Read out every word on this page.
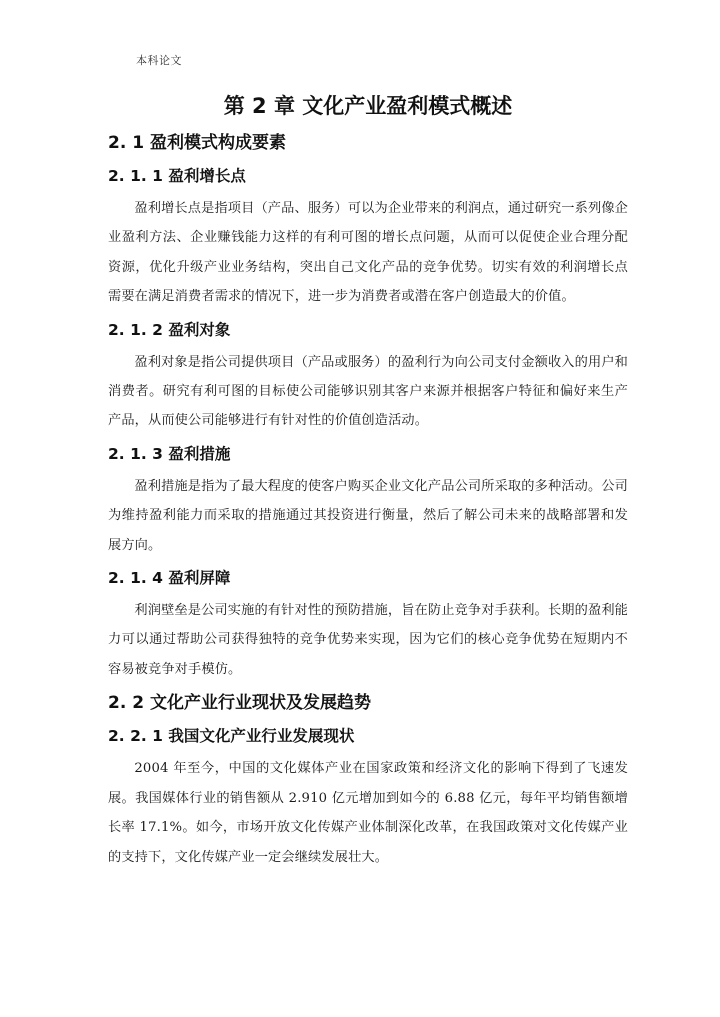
本科论文
第 2 章 文化产业盈利模式概述
2. 1 盈利模式构成要素
2. 1. 1 盈利增长点

盈利增长点是指项目（产品、服务）可以为企业带来的利润点，通过研究一系列像企业盈利方法、企业赚钱能力这样的有利可图的增长点问题，从而可以促使企业合理分配资源，优化升级产业业务结构，突出自己文化产品的竞争优势。切实有效的利润增长点需要在满足消费者需求的情况下，进一步为消费者或潜在客户创造最大的价值。

2. 1. 2 盈利对象

盈利对象是指公司提供项目（产品或服务）的盈利行为向公司支付金额收入的用户和消费者。研究有利可图的目标使公司能够识别其客户来源并根据客户特征和偏好来生产产品，从而使公司能够进行有针对性的价值创造活动。

2. 1. 3 盈利措施

盈利措施是指为了最大程度的使客户购买企业文化产品公司所采取的多种活动。公司为维持盈利能力而采取的措施通过其投资进行衡量，然后了解公司未来的战略部署和发展方向。

2. 1. 4 盈利屏障

利润壁垒是公司实施的有针对性的预防措施，旨在防止竞争对手获利。长期的盈利能力可以通过帮助公司获得独特的竞争优势来实现，因为它们的核心竞争优势在短期内不容易被竞争对手模仿。

2. 2 文化产业行业现状及发展趋势
2. 2. 1 我国文化产业行业发展现状

2004 年至今，中国的文化媒体产业在国家政策和经济文化的影响下得到了飞速发展。我国媒体行业的销售额从 2.910 亿元增加到如今的 6.88 亿元，每年平均销售额增长率 17.1%。如今，市场开放文化传媒产业体制深化改革，在我国政策对文化传媒产业的支持下，文化传媒产业一定会继续发展壮大。
